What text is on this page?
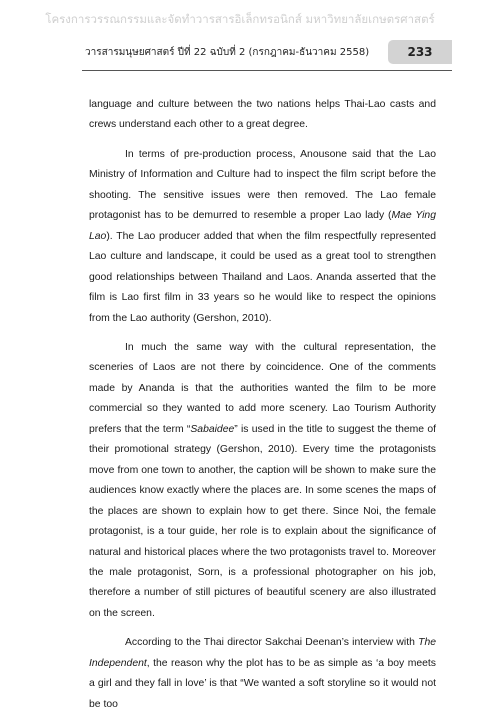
โครงการวรรณกรรมและจัดทำวารสารอิเล็กทรอนิกส์ มหาวิทยาลัยเกษตรศาสตร์
วารสารมนุษยศาสตร์ ปีที่ 22 ฉบับที่ 2 (กรกฎาคม-ธันวาคม 2558)	233

language and culture between the two nations helps Thai-Lao casts and crews understand each other to a great degree.

In terms of pre-production process, Anousone said that the Lao Ministry of Information and Culture had to inspect the film script before the shooting. The sensitive issues were then removed. The Lao female protagonist has to be demurred to resemble a proper Lao lady (Mae Ying Lao). The Lao producer added that when the film respectfully represented Lao culture and landscape, it could be used as a great tool to strengthen good relationships between Thailand and Laos. Ananda asserted that the film is Lao first film in 33 years so he would like to respect the opinions from the Lao authority (Gershon, 2010).

In much the same way with the cultural representation, the sceneries of Laos are not there by coincidence. One of the comments made by Ananda is that the authorities wanted the film to be more commercial so they wanted to add more scenery. Lao Tourism Authority prefers that the term “Sabaidee” is used in the title to suggest the theme of their promotional strategy (Gershon, 2010). Every time the protagonists move from one town to another, the caption will be shown to make sure the audiences know exactly where the places are. In some scenes the maps of the places are shown to explain how to get there. Since Noi, the female protagonist, is a tour guide, her role is to explain about the significance of natural and historical places where the two protagonists travel to. Moreover the male protagonist, Sorn, is a professional photographer on his job, therefore a number of still pictures of beautiful scenery are also illustrated on the screen.

According to the Thai director Sakchai Deenan’s interview with The Independent, the reason why the plot has to be as simple as ‘a boy meets a girl and they fall in love’ is that “We wanted a soft storyline so it would not be too
